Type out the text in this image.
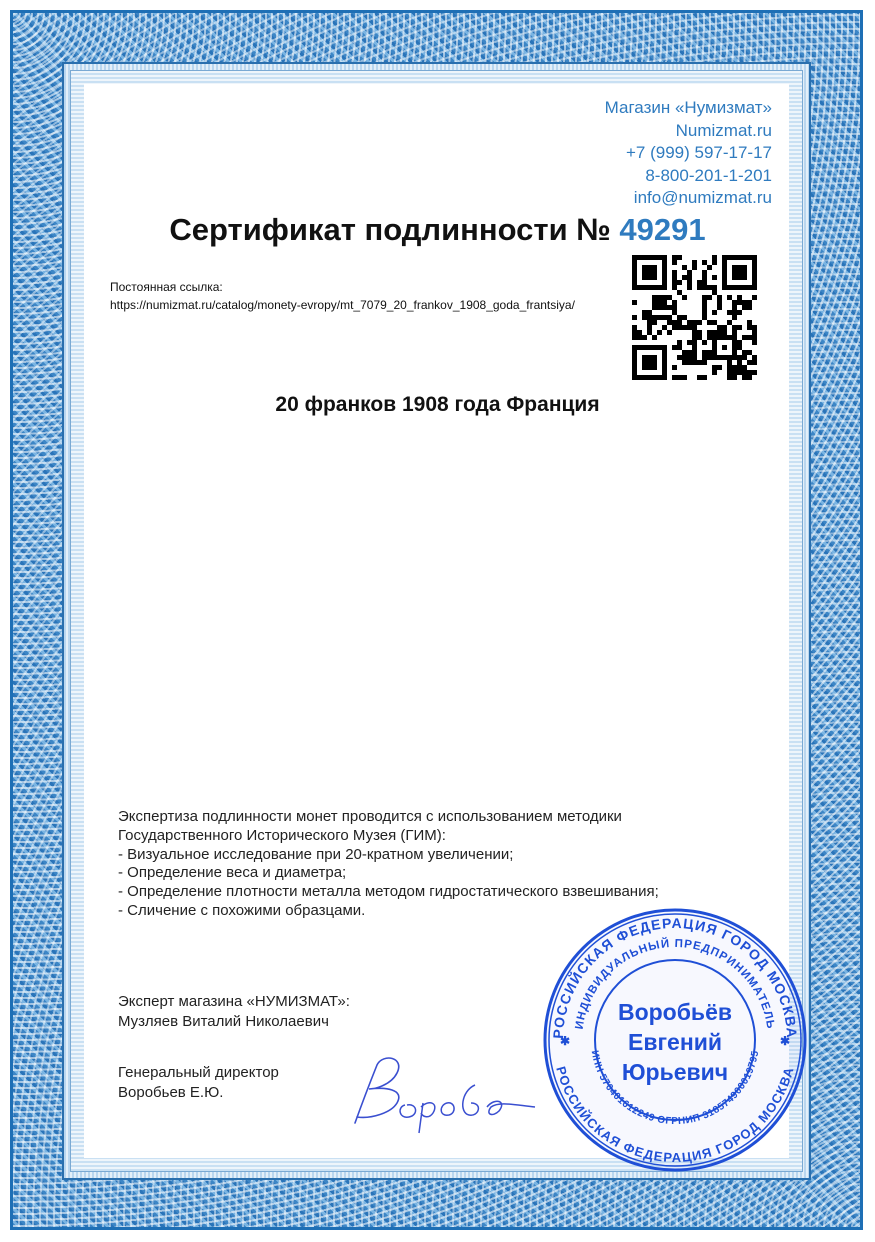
Магазин «Нумизмат»
Numizmat.ru
+7 (999) 597-17-17
8-800-201-1-201
info@numizmat.ru
Сертификат подлинности № 49291
Постоянная ссылка:
https://numizmat.ru/catalog/monety-evropy/mt_7079_20_frankov_1908_goda_frantsiya/
20 франков 1908 года Франция
Экспертиза подлинности монет проводится с использованием методики
Государственного Исторического Музея (ГИМ):
- Визуальное исследование при 20-кратном увеличении;
- Определение веса и диаметра;
- Определение плотности металла методом гидростатического взвешивания;
- Сличение с похожими образцами.
Эксперт магазина «НУМИЗМАТ»:
Музляев Виталий Николаевич
Генеральный директор
Воробьев Е.Ю.
РОССИЙСКАЯ ФЕДЕРАЦИЯ ГОРОД МОСКВА
ИНДИВИДУАЛЬНЫЙ ПРЕДПРИНИМАТЕЛЬ
ИНН 570401612249 ОГРНИП 318574900019795
РОССИЙСКАЯ ФЕДЕРАЦИЯ ГОРОД МОСКВА
Воробьёв
Евгений
Юрьевич
✱	✱
